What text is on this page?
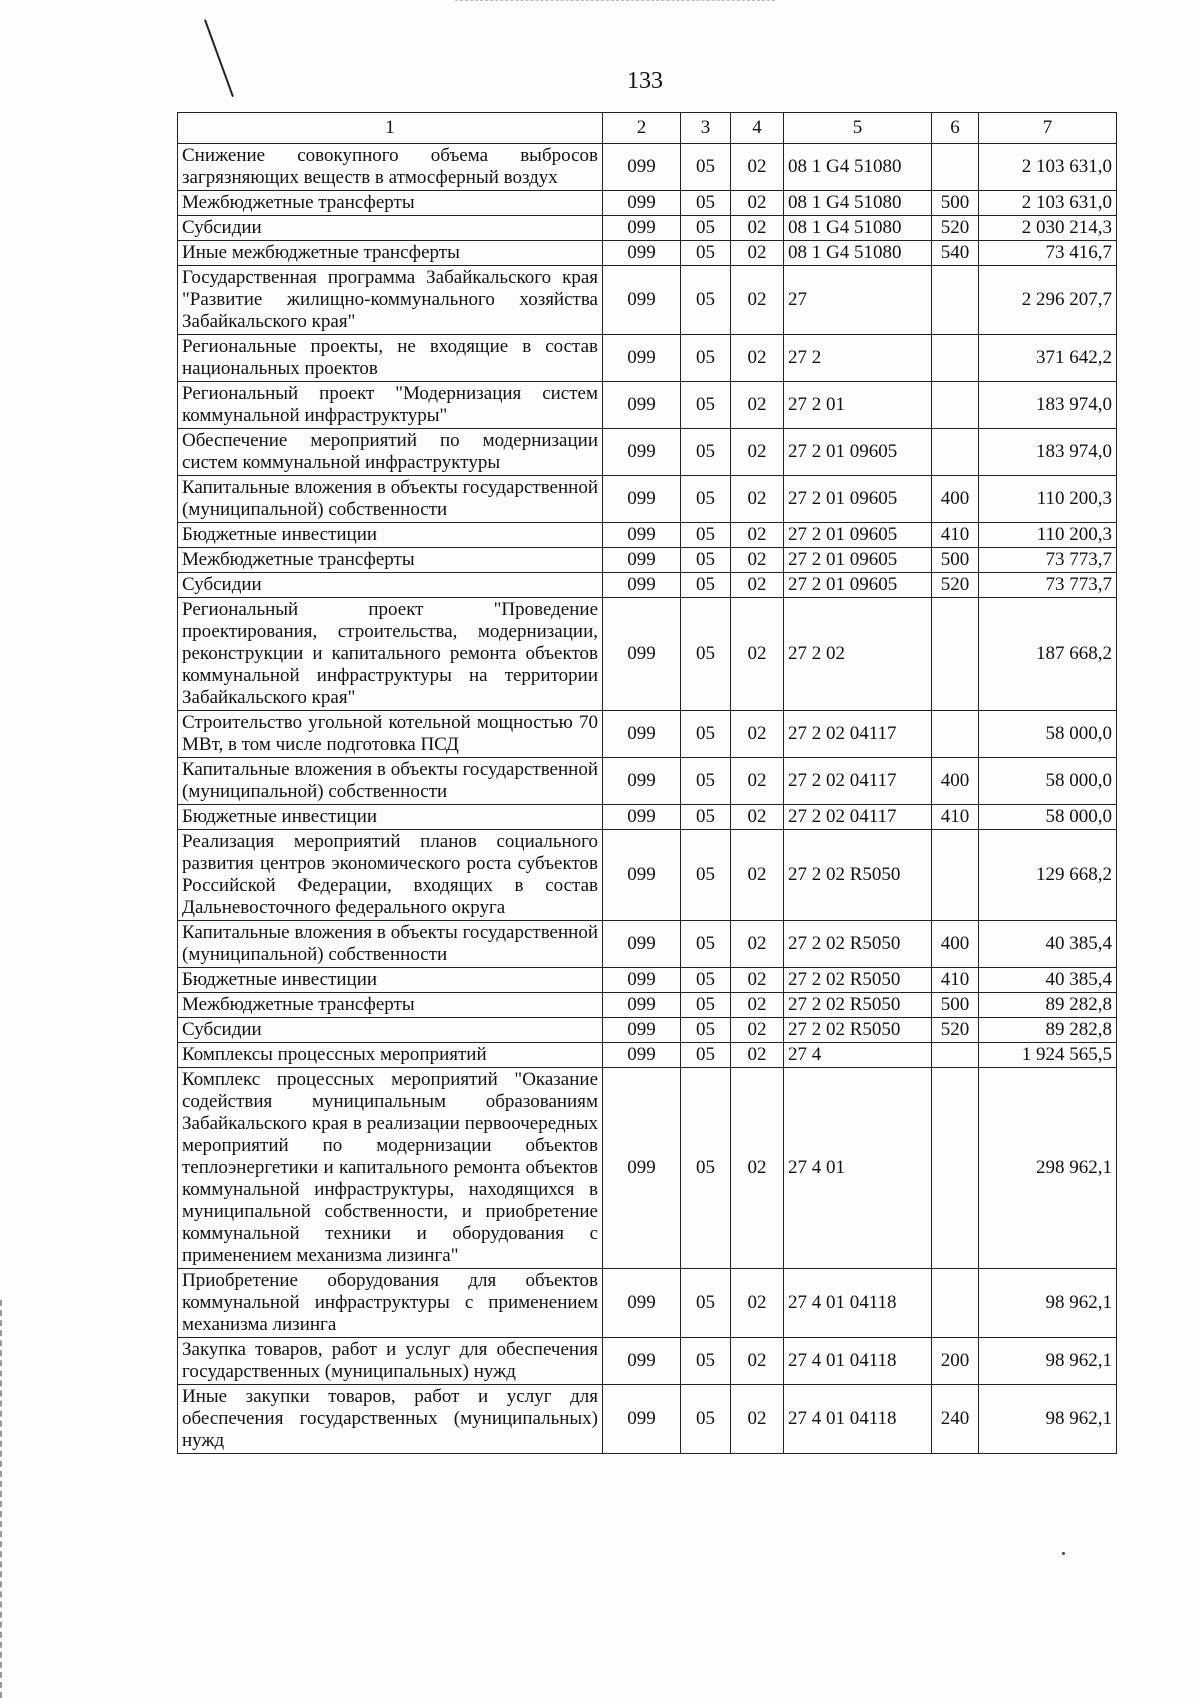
133
1	2	3	4	5	6	7
Снижение совокупного объема выбросов загрязняющих веществ в атмосферный воздух	099	05	02	08 1 G4 51080		2 103 631,0
Межбюджетные трансферты	099	05	02	08 1 G4 51080	500	2 103 631,0
Субсидии	099	05	02	08 1 G4 51080	520	2 030 214,3
Иные межбюджетные трансферты	099	05	02	08 1 G4 51080	540	73 416,7
Государственная программа Забайкальского края "Развитие жилищно-коммунального хозяйства Забайкальского края"	099	05	02	27		2 296 207,7
Региональные проекты, не входящие в состав национальных проектов	099	05	02	27 2		371 642,2
Региональный проект "Модернизация систем коммунальной инфраструктуры"	099	05	02	27 2 01		183 974,0
Обеспечение мероприятий по модернизации систем коммунальной инфраструктуры	099	05	02	27 2 01 09605		183 974,0
Капитальные вложения в объекты государственной (муниципальной) собственности	099	05	02	27 2 01 09605	400	110 200,3
Бюджетные инвестиции	099	05	02	27 2 01 09605	410	110 200,3
Межбюджетные трансферты	099	05	02	27 2 01 09605	500	73 773,7
Субсидии	099	05	02	27 2 01 09605	520	73 773,7
Региональный проект "Проведение проектирования, строительства, модернизации, реконструкции и капитального ремонта объектов коммунальной инфраструктуры на территории Забайкальского края"	099	05	02	27 2 02		187 668,2
Строительство угольной котельной мощностью 70 МВт, в том числе подготовка ПСД	099	05	02	27 2 02 04117		58 000,0
Капитальные вложения в объекты государственной (муниципальной) собственности	099	05	02	27 2 02 04117	400	58 000,0
Бюджетные инвестиции	099	05	02	27 2 02 04117	410	58 000,0
Реализация мероприятий планов социального развития центров экономического роста субъектов Российской Федерации, входящих в состав Дальневосточного федерального округа	099	05	02	27 2 02 R5050		129 668,2
Капитальные вложения в объекты государственной (муниципальной) собственности	099	05	02	27 2 02 R5050	400	40 385,4
Бюджетные инвестиции	099	05	02	27 2 02 R5050	410	40 385,4
Межбюджетные трансферты	099	05	02	27 2 02 R5050	500	89 282,8
Субсидии	099	05	02	27 2 02 R5050	520	89 282,8
Комплексы процессных мероприятий	099	05	02	27 4		1 924 565,5
Комплекс процессных мероприятий "Оказание содействия муниципальным образованиям Забайкальского края в реализации первоочередных мероприятий по модернизации объектов теплоэнергетики и капитального ремонта объектов коммунальной инфраструктуры, находящихся в муниципальной собственности, и приобретение коммунальной техники и оборудования с применением механизма лизинга"	099	05	02	27 4 01		298 962,1
Приобретение оборудования для объектов коммунальной инфраструктуры с применением механизма лизинга	099	05	02	27 4 01 04118		98 962,1
Закупка товаров, работ и услуг для обеспечения государственных (муниципальных) нужд	099	05	02	27 4 01 04118	200	98 962,1
Иные закупки товаров, работ и услуг для обеспечения государственных (муниципальных) нужд	099	05	02	27 4 01 04118	240	98 962,1
